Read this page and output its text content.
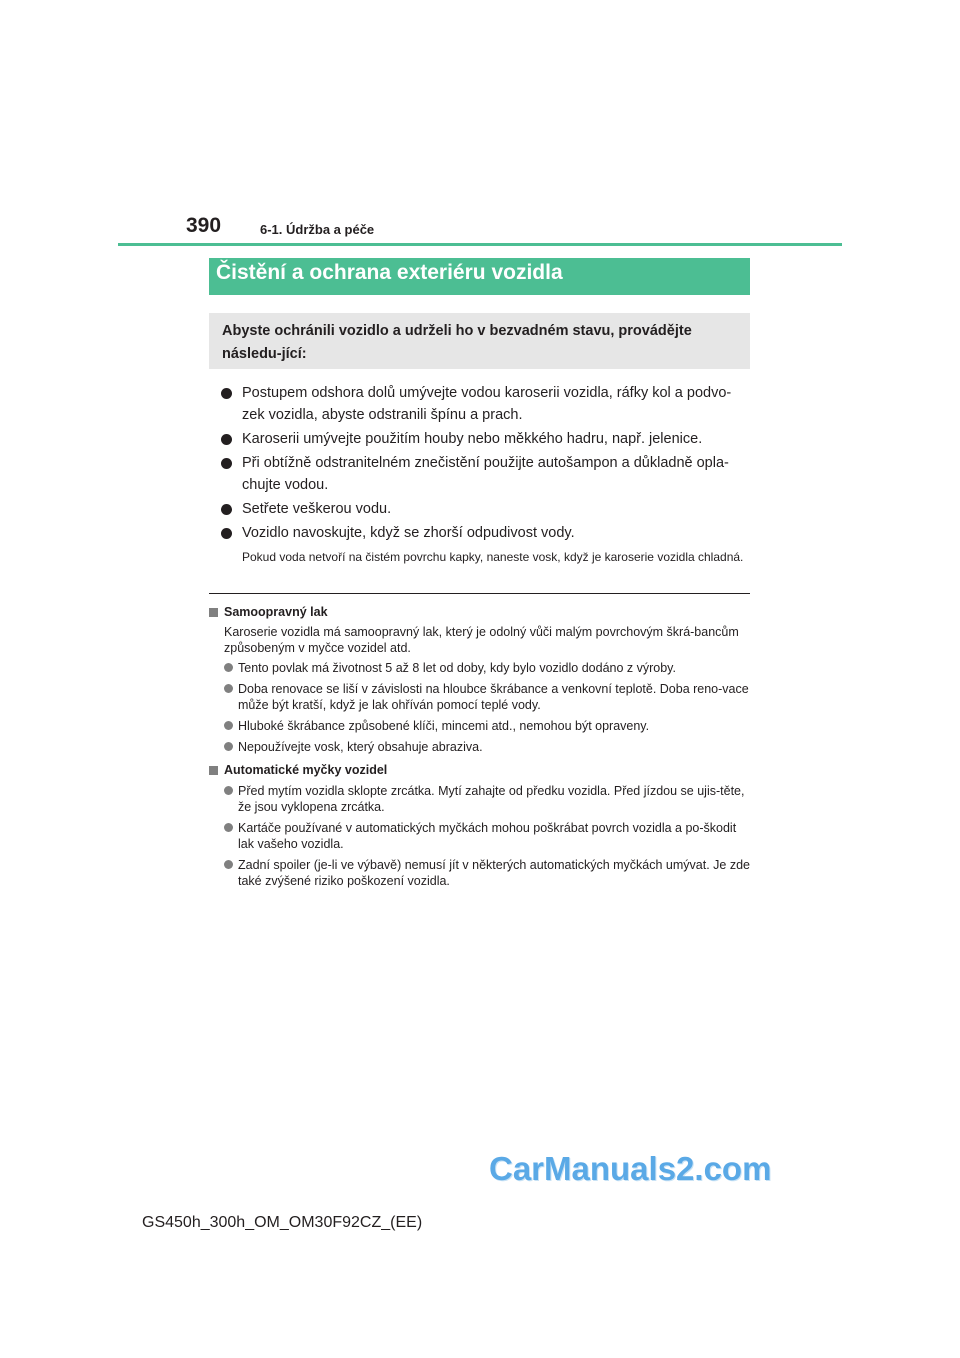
390	6-1. Údržba a péče
Čistění a ochrana exteriéru vozidla
Abyste ochránili vozidlo a udrželi ho v bezvadném stavu, provádějte následu-jící:
Postupem odshora dolů umývejte vodou karoserii vozidla, ráfky kol a podvo-zek vozidla, abyste odstranili špínu a prach.
Karoserii umývejte použitím houby nebo měkkého hadru, např. jelenice.
Při obtížně odstranitelném znečistění použijte autošampon a důkladně opla-chujte vodou.
Setřete veškerou vodu.
Vozidlo navoskujte, když se zhorší odpudivost vody.
Pokud voda netvoří na čistém povrchu kapky, naneste vosk, když je karoserie vozidla chladná.
Samoopravný lak
Karoserie vozidla má samoopravný lak, který je odolný vůči malým povrchovým škrá-bancům způsobeným v myčce vozidel atd.
Tento povlak má životnost 5 až 8 let od doby, kdy bylo vozidlo dodáno z výroby.
Doba renovace se liší v závislosti na hloubce škrábance a venkovní teplotě. Doba reno-vace může být kratší, když je lak ohříván pomocí teplé vody.
Hluboké škrábance způsobené klíči, mincemi atd., nemohou být opraveny.
Nepoužívejte vosk, který obsahuje abraziva.
Automatické myčky vozidel
Před mytím vozidla sklopte zrcátka. Mytí zahajte od předku vozidla. Před jízdou se ujis-těte, že jsou vyklopena zrcátka.
Kartáče používané v automatických myčkách mohou poškrábat povrch vozidla a po-škodit lak vašeho vozidla.
Zadní spoiler (je-li ve výbavě) nemusí jít v některých automatických myčkách umývat. Je zde také zvýšené riziko poškození vozidla.
CarManuals2.com
GS450h_300h_OM_OM30F92CZ_(EE)
